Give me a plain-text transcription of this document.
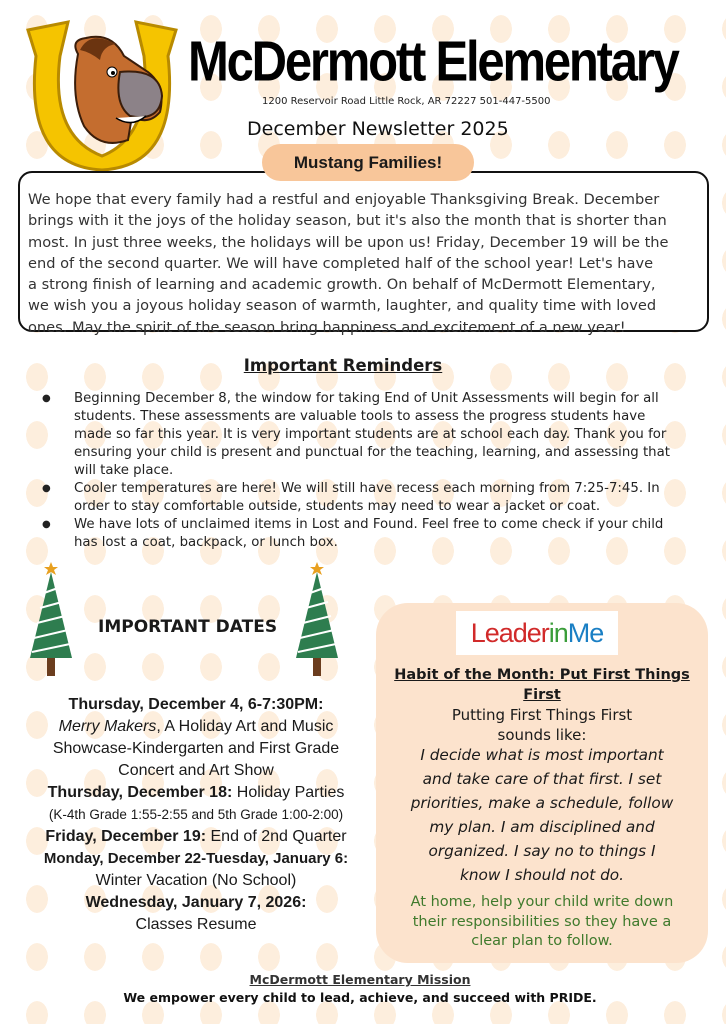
McDermott Elementary
1200 Reservoir Road Little Rock, AR 72227 501-447-5500
December Newsletter 2025
Mustang Families!
We hope that every family had a restful and enjoyable Thanksgiving Break. December
brings with it the joys of the holiday season, but it's also the month that is shorter than
most. In just three weeks, the holidays will be upon us! Friday, December 19 will be the
end of the second quarter. We will have completed half of the school year! Let's have
a strong finish of learning and academic growth. On behalf of McDermott Elementary,
we wish you a joyous holiday season of warmth, laughter, and quality time with loved
ones. May the spirit of the season bring happiness and excitement of a new year!
Important Reminders
● Beginning December 8, the window for taking End of Unit Assessments will begin for all
students. These assessments are valuable tools to assess the progress students have
made so far this year. It is very important students are at school each day. Thank you for
ensuring your child is present and punctual for the teaching, learning, and assessing that
will take place.
● Cooler temperatures are here! We will still have recess each morning from 7:25-7:45. In
order to stay comfortable outside, students may need to wear a jacket or coat.
● We have lots of unclaimed items in Lost and Found. Feel free to come check if your child
has lost a coat, backpack, or lunch box.
IMPORTANT DATES
Thursday, December 4, 6-7:30PM:
Merry Makers, A Holiday Art and Music
Showcase-Kindergarten and First Grade
Concert and Art Show
Thursday, December 18: Holiday Parties
(K-4th Grade 1:55-2:55 and 5th Grade 1:00-2:00)
Friday, December 19: End of 2nd Quarter
Monday, December 22-Tuesday, January 6:
Winter Vacation (No School)
Wednesday, January 7, 2026:
Classes Resume
LeaderinMe
Habit of the Month: Put First Things
First
Putting First Things First
sounds like:
I decide what is most important
and take care of that first. I set
priorities, make a schedule, follow
my plan. I am disciplined and
organized. I say no to things I
know I should not do.
At home, help your child write down
their responsibilities so they have a
clear plan to follow.
McDermott Elementary Mission
We empower every child to lead, achieve, and succeed with PRIDE.
